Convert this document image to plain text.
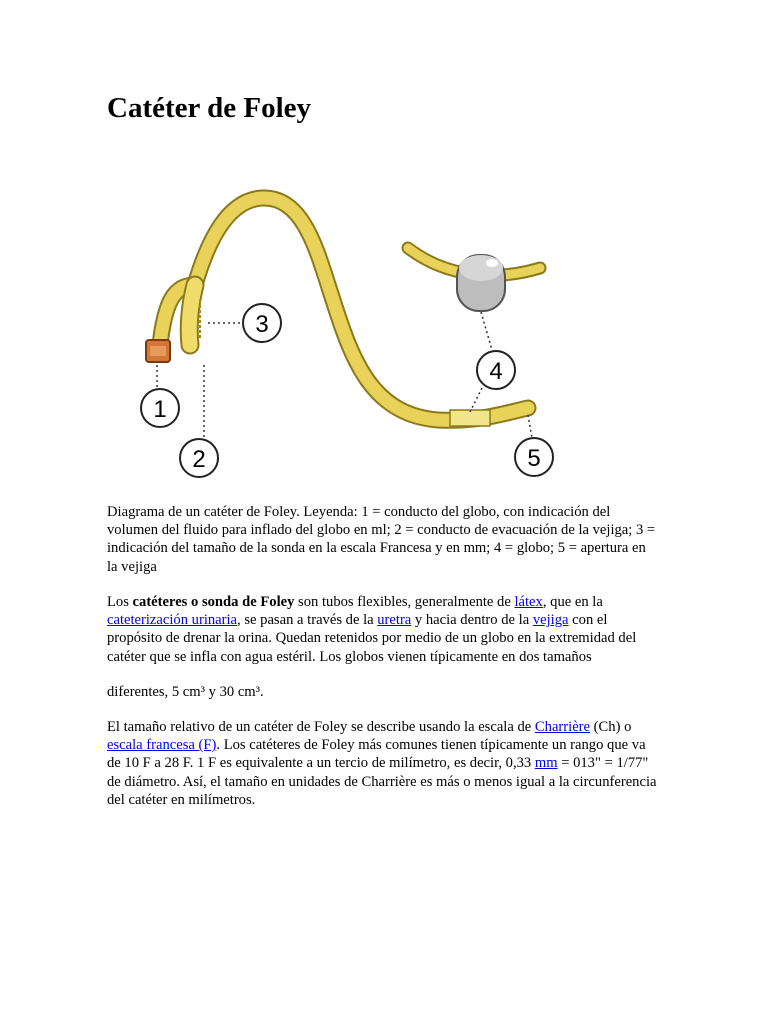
Catéter de Foley
1
2
3
4
5

Diagrama de un catéter de Foley. Leyenda: 1 = conducto del globo, con indicación del volumen del fluido para inflado del globo en ml; 2 = conducto de evacuación de la vejiga; 3 = indicación del tamaño de la sonda en la escala Francesa y en mm; 4 = globo; 5 = apertura en la vejiga

Los catéteres o sonda de Foley son tubos flexibles, generalmente de látex, que en la cateterización urinaria, se pasan a través de la uretra y hacia dentro de la vejiga con el propósito de drenar la orina. Quedan retenidos por medio de un globo en la extremidad del catéter que se infla con agua estéril. Los globos vienen típicamente en dos tamaños

diferentes, 5 cm³ y 30 cm³.

El tamaño relativo de un catéter de Foley se describe usando la escala de Charrière (Ch) o escala francesa (F). Los catéteres de Foley más comunes tienen típicamente un rango que va de 10 F a 28 F. 1 F es equivalente a un tercio de milímetro, es decir, 0,33 mm = 013" = 1/77" de diámetro. Así, el tamaño en unidades de Charrière es más o menos igual a la circunferencia del catéter en milímetros.
